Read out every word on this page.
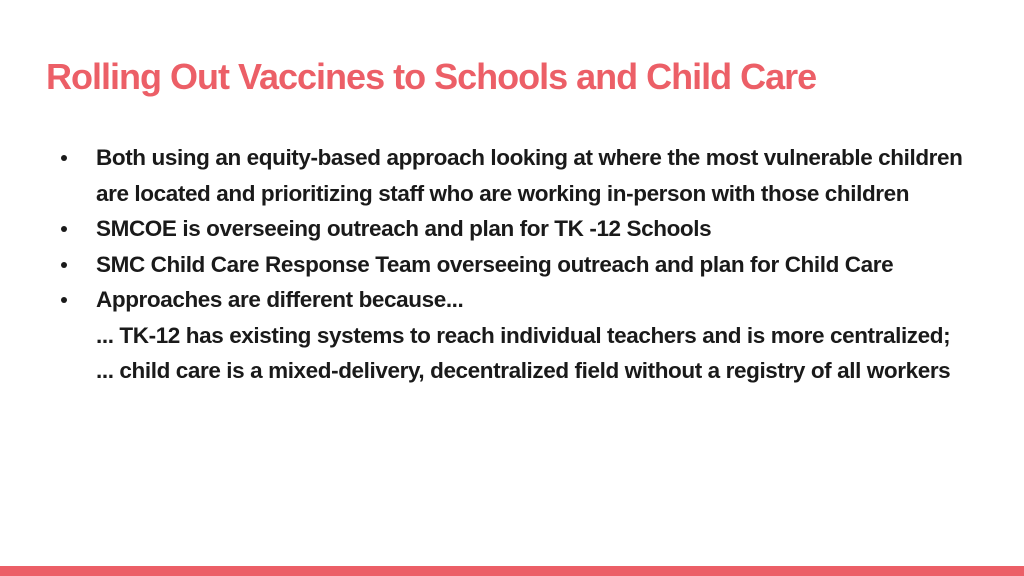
Rolling Out Vaccines to Schools and Child Care
Both using an equity-based approach looking at where the most vulnerable children are located and prioritizing staff who are working in-person with those children
SMCOE is overseeing outreach and plan for TK -12 Schools
SMC Child Care Response Team overseeing outreach and plan for Child Care
Approaches are different because...
... TK-12 has existing systems to reach individual teachers and is more centralized;
... child care is a mixed-delivery, decentralized field without a registry of all workers
